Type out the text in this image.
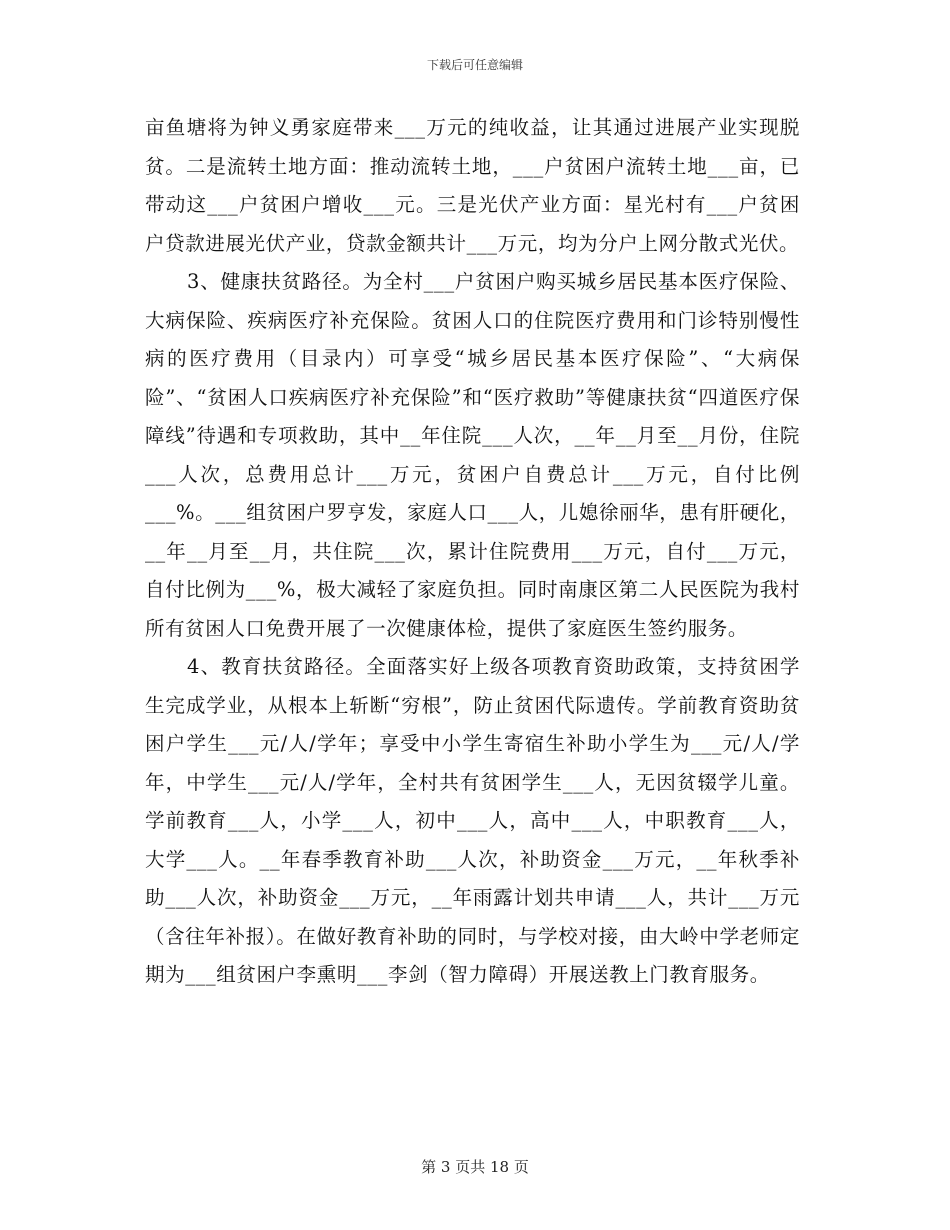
下载后可任意编辑

亩鱼塘将为钟义勇家庭带来___万元的纯收益，让其通过进展产业实现脱贫。二是流转土地方面：推动流转土地，___户贫困户流转土地___亩，已带动这___户贫困户增收___元。三是光伏产业方面：星光村有___户贫困户贷款进展光伏产业，贷款金额共计___万元，均为分户上网分散式光伏。

3、健康扶贫路径。为全村___户贫困户购买城乡居民基本医疗保险、大病保险、疾病医疗补充保险。贫困人口的住院医疗费用和门诊特别慢性病的医疗费用（目录内）可享受“城乡居民基本医疗保险”、“大病保险”、“贫困人口疾病医疗补充保险”和“医疗救助”等健康扶贫“四道医疗保障线”待遇和专项救助，其中__年住院___人次，__年__月至__月份，住院___人次，总费用总计___万元，贫困户自费总计___万元，自付比例___%。___组贫困户罗亨发，家庭人口___人，儿媳徐丽华，患有肝硬化，__年__月至__月，共住院___次，累计住院费用___万元，自付___万元，自付比例为___%，极大减轻了家庭负担。同时南康区第二人民医院为我村所有贫困人口免费开展了一次健康体检，提供了家庭医生签约服务。

4、教育扶贫路径。全面落实好上级各项教育资助政策，支持贫困学生完成学业，从根本上斩断“穷根”，防止贫困代际遗传。学前教育资助贫困户学生___元/人/学年；享受中小学生寄宿生补助小学生为___元/人/学年，中学生___元/人/学年，全村共有贫困学生___人，无因贫辍学儿童。学前教育___人，小学___人，初中___人，高中___人，中职教育___人，大学___人。__年春季教育补助___人次，补助资金___万元，__年秋季补助___人次，补助资金___万元，__年雨露计划共申请___人，共计___万元（含往年补报）。在做好教育补助的同时，与学校对接，由大岭中学老师定期为___组贫困户李熏明___李剑（智力障碍）开展送教上门教育服务。

第 3 页共 18 页
